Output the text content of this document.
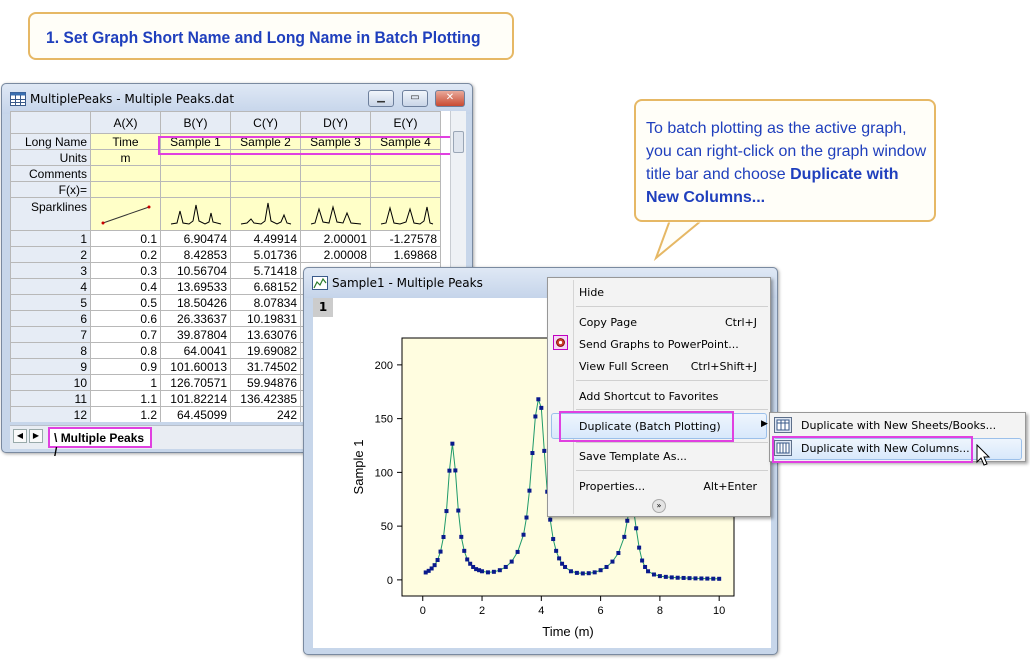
1. Set Graph Short Name and Long Name in Batch Plotting
To batch plotting as the active graph,
you can right-click on the graph window
title bar and choose Duplicate with
New Columns...
MultiplePeaks - Multiple Peaks.dat	▁	▭	✕
	A(X)	B(Y)	C(Y)	D(Y)	E(Y)
Long Name	Time	Sample 1	Sample 2	Sample 3	Sample 4
Units	m				
Comments					
F(x)=					
Sparklines					
1	0.1	6.90474	4.49914	2.00001	-1.27578
2	0.2	8.42853	5.01736	2.00008	1.69868
3	0.3	10.56704	5.71418		
4	0.4	13.69533	6.68152		
5	0.5	18.50426	8.07834		
6	0.6	26.33637	10.19831		
7	0.7	39.87804	13.63076		
8	0.8	64.0041	19.69082		
9	0.9	101.60013	31.74502		
10	1	126.70571	59.94876		
11	1.1	101.82214	136.42385		
12	1.2	64.45099	242		
◀	▶	\ Multiple Peaks /
Sample1 - Multiple Peaks
1
0	2	4	6	8	10
0
50
100
150
200
Time (m)
Sample 1
Hide
Copy Page	Ctrl+J
Send Graphs to PowerPoint...
View Full Screen Ctrl+Shift+J
Add Shortcut to Favorites
Duplicate (Batch Plotting)	▶
Save Template As...
Properties...	Alt+Enter
»
Duplicate with New Sheets/Books...
Duplicate with New Columns...
